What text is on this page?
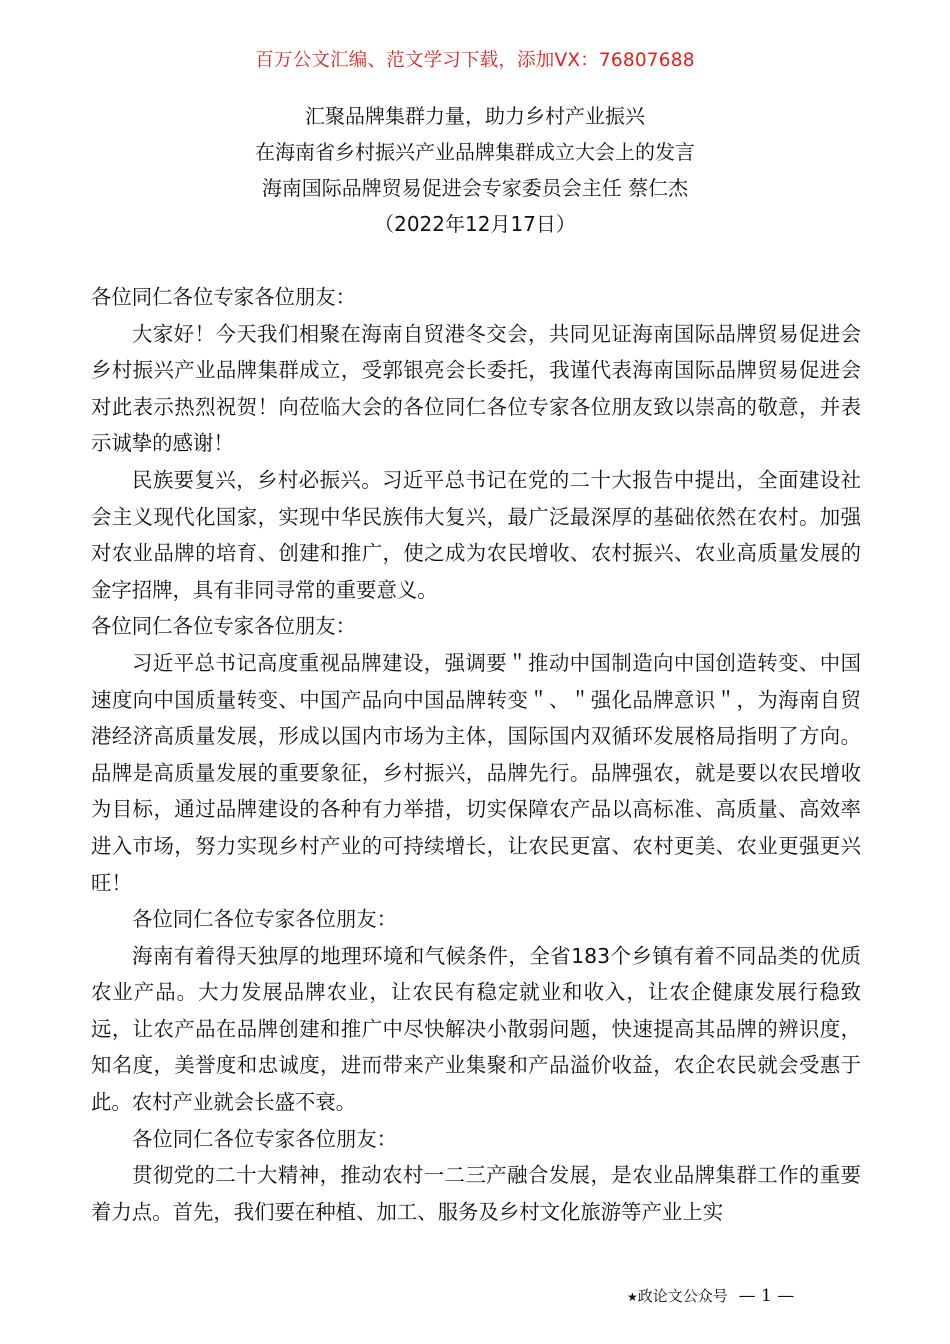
百万公文汇编、范文学习下载，添加VX：76807688
汇聚品牌集群力量，助力乡村产业振兴
在海南省乡村振兴产业品牌集群成立大会上的发言
海南国际品牌贸易促进会专家委员会主任 蔡仁杰
（2022年12月17日）

各位同仁各位专家各位朋友：

大家好！今天我们相聚在海南自贸港冬交会，共同见证海南国际品牌贸易促进会乡村振兴产业品牌集群成立，受郭银亮会长委托，我谨代表海南国际品牌贸易促进会对此表示热烈祝贺！向莅临大会的各位同仁各位专家各位朋友致以崇高的敬意，并表示诚挚的感谢！

民族要复兴，乡村必振兴。习近平总书记在党的二十大报告中提出，全面建设社会主义现代化国家，实现中华民族伟大复兴，最广泛最深厚的基础依然在农村。加强对农业品牌的培育、创建和推广，使之成为农民增收、农村振兴、农业高质量发展的金字招牌，具有非同寻常的重要意义。

各位同仁各位专家各位朋友：

习近平总书记高度重视品牌建设，强调要＂推动中国制造向中国创造转变、中国速度向中国质量转变、中国产品向中国品牌转变＂、＂强化品牌意识＂，为海南自贸港经济高质量发展，形成以国内市场为主体，国际国内双循环发展格局指明了方向。品牌是高质量发展的重要象征，乡村振兴，品牌先行。品牌强农，就是要以农民增收为目标，通过品牌建设的各种有力举措，切实保障农产品以高标准、高质量、高效率进入市场，努力实现乡村产业的可持续增长，让农民更富、农村更美、农业更强更兴旺！

各位同仁各位专家各位朋友：

海南有着得天独厚的地理环境和气候条件，全省183个乡镇有着不同品类的优质农业产品。大力发展品牌农业，让农民有稳定就业和收入，让农企健康发展行稳致远，让农产品在品牌创建和推广中尽快解决小散弱问题，快速提高其品牌的辨识度，知名度，美誉度和忠诚度，进而带来产业集聚和产品溢价收益，农企农民就会受惠于此。农村产业就会长盛不衰。

各位同仁各位专家各位朋友：

贯彻党的二十大精神，推动农村一二三产融合发展，是农业品牌集群工作的重要着力点。首先，我们要在种植、加工、服务及乡村文化旅游等产业上实

★政论文公众号 — 1 —
